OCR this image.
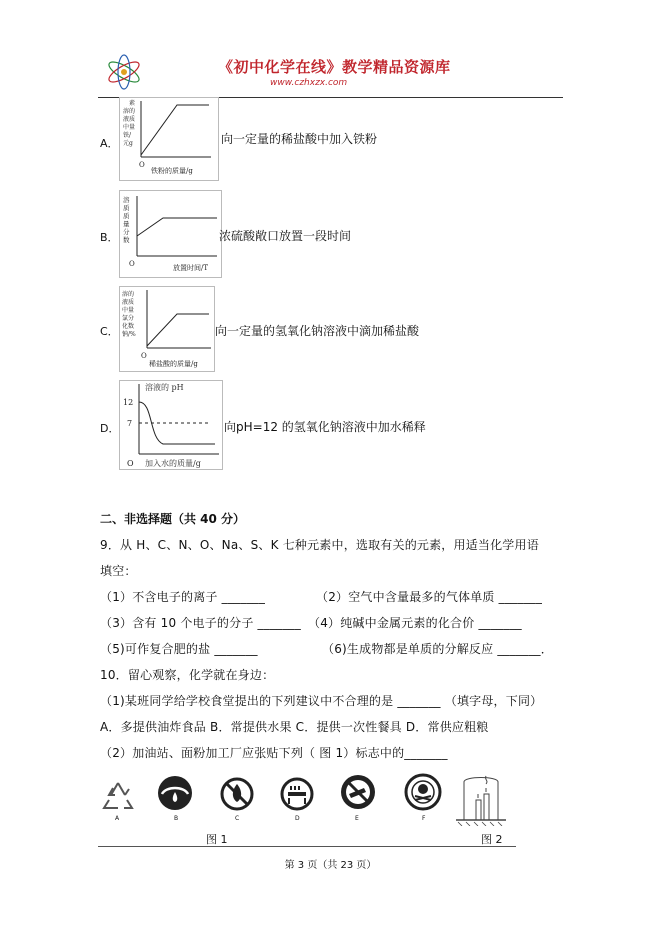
《初中化学在线》教学精品资源库
www.czhxzx.com
A．
素
溶的
液质
中量
铁/
元g
O
铁粉的质量/g
向一定量的稀盐酸中加入铁粉
B．
溶
质
质
量
分
数
O	放置时间/T
浓硫酸敞口放置一段时间
C．
溶的
液质
中量
氯分
化数
钠/%
O
稀盐酸的质量/g
向一定量的氢氧化钠溶液中滴加稀盐酸
D．
溶液的 pH
12
7
O 加入水的质量/g
向pH=12 的氢氧化钠溶液中加水稀释
二、非选择题（共 40 分）
9．从 H、C、N、O、Na、S、K 七种元素中，选取有关的元素，用适当化学用语
填空：
（1）不含电子的离子 _______	（2）空气中含量最多的气体单质 _______
（3）含有 10 个电子的分子 _______ （4）纯碱中金属元素的化合价 _______
（5)可作复合肥的盐 _______	（6)生成物都是单质的分解反应 _______．
10．留心观察，化学就在身边：
（1)某班同学给学校食堂提出的下列建议中不合理的是 _______ （填字母，下同）
A．多提供油炸食品 B．常提供水果 C．提供一次性餐具 D．常供应粗粮
（2）加油站、面粉加工厂应张贴下列（ 图 1）标志中的_______
A	B	C	D	E	F
图 1	图 2
第 3 页（共 23 页）
